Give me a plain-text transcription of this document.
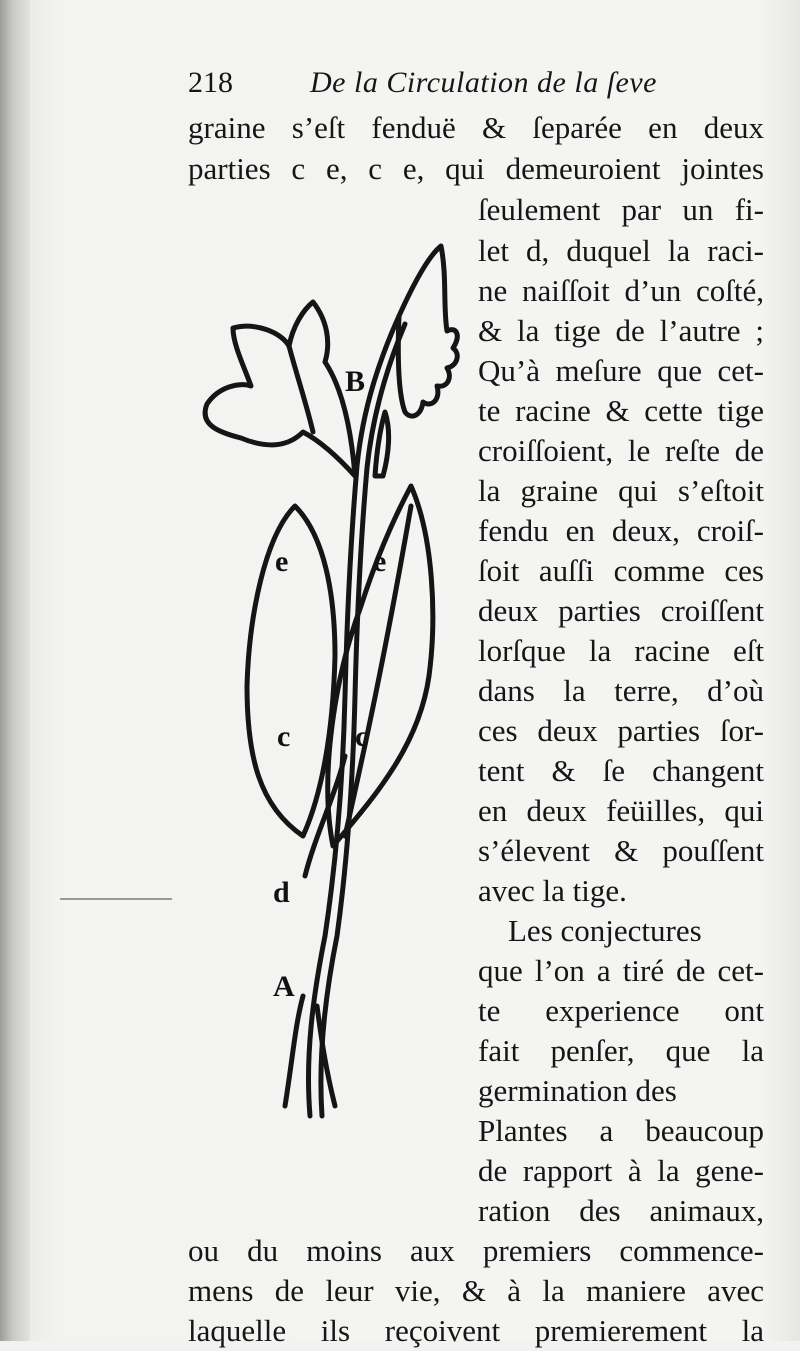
218	De la Circulation de la ſeve
graine s’eſt fenduë & ſeparée en deux
parties c e, c e, qui demeuroient jointes
ſeulement par un fi-
let d, duquel la raci-
ne naiſſoit d’un coſté,
& la tige de l’autre ;
Qu’à meſure que cet-
te racine & cette tige
croiſſoient, le reſte de
la graine qui s’eſtoit
fendu en deux, croiſ-
ſoit auſſi comme ces
deux parties croiſſent
lorſque la racine eſt
dans la terre, d’où
ces deux parties ſor-
tent & ſe changent
en deux feüilles, qui
s’élevent & pouſſent
avec la tige.
Les conjectures
que l’on a tiré de cet-
te experience ont
fait penſer, que la
germination des
Plantes a beaucoup
de rapport à la gene-
ration des animaux,
ou du moins aux premiers commence-
mens de leur vie, & à la maniere avec
laquelle ils reçoivent premierement la
B
e	e
c c
d
A
